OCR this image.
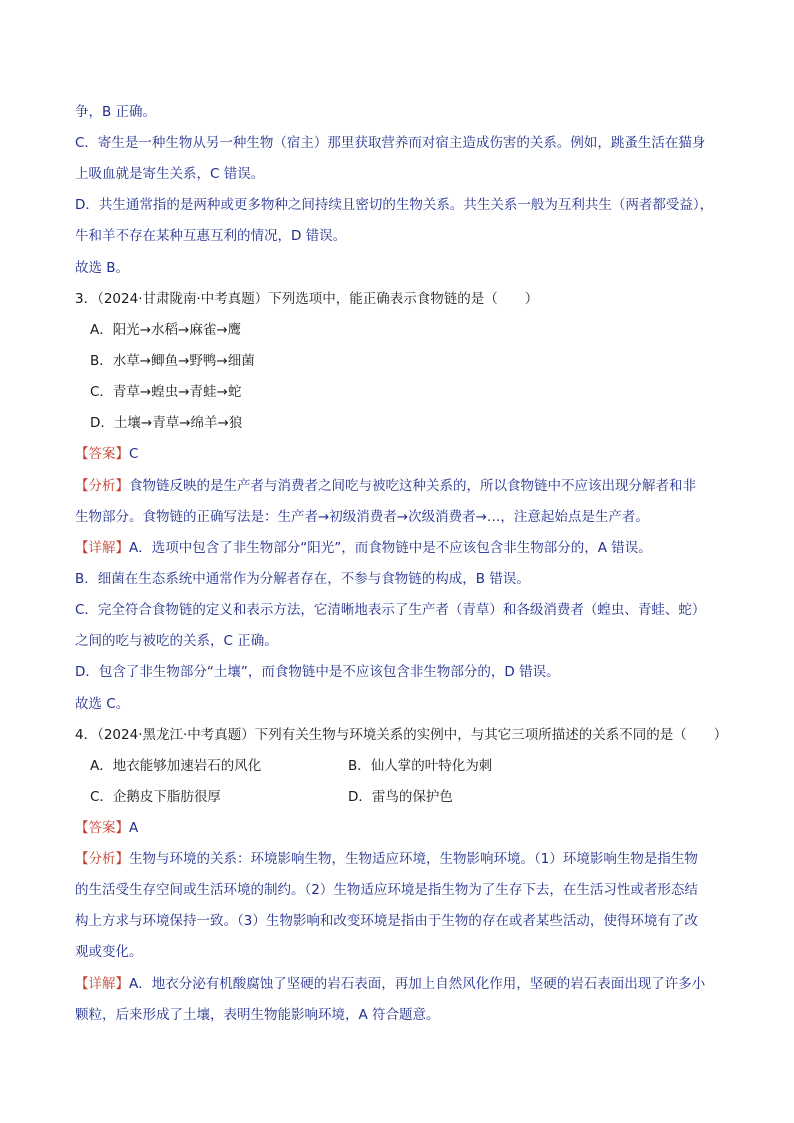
争，B 正确。
C．寄生是一种生物从另一种生物（宿主）那里获取营养而对宿主造成伤害的关系。例如，跳蚤生活在猫身
上吸血就是寄生关系，C 错误。
D．共生通常指的是两种或更多物种之间持续且密切的生物关系。共生关系一般为互利共生（两者都受益），
牛和羊不存在某种互惠互利的情况，D 错误。
故选 B。
3．（2024·甘肃陇南·中考真题）下列选项中，能正确表示食物链的是（　　）
A．阳光→水稻→麻雀→鹰
B．水草→鲫鱼→野鸭→细菌
C．青草→蝗虫→青蛙→蛇
D．土壤→青草→绵羊→狼
【答案】C
【分析】食物链反映的是生产者与消费者之间吃与被吃这种关系的，所以食物链中不应该出现分解者和非
生物部分。食物链的正确写法是：生产者→初级消费者→次级消费者→…，注意起始点是生产者。
【详解】A．选项中包含了非生物部分“阳光”，而食物链中是不应该包含非生物部分的，A 错误。
B．细菌在生态系统中通常作为分解者存在，不参与食物链的构成，B 错误。
C．完全符合食物链的定义和表示方法，它清晰地表示了生产者（青草）和各级消费者（蝗虫、青蛙、蛇）
之间的吃与被吃的关系，C 正确。
D．包含了非生物部分“土壤”，而食物链中是不应该包含非生物部分的，D 错误。
故选 C。
4．（2024·黑龙江·中考真题）下列有关生物与环境关系的实例中，与其它三项所描述的关系不同的是（　　）
A．地衣能够加速岩石的风化	B．仙人掌的叶特化为刺
C．企鹅皮下脂肪很厚	D．雷鸟的保护色
【答案】A
【分析】生物与环境的关系：环境影响生物，生物适应环境，生物影响环境。（1）环境影响生物是指生物
的生活受生存空间或生活环境的制约。（2）生物适应环境是指生物为了生存下去，在生活习性或者形态结
构上方求与环境保持一致。（3）生物影响和改变环境是指由于生物的存在或者某些活动，使得环境有了改
观或变化。
【详解】A．地衣分泌有机酸腐蚀了坚硬的岩石表面，再加上自然风化作用，坚硬的岩石表面出现了许多小
颗粒，后来形成了土壤，表明生物能影响环境，A 符合题意。
